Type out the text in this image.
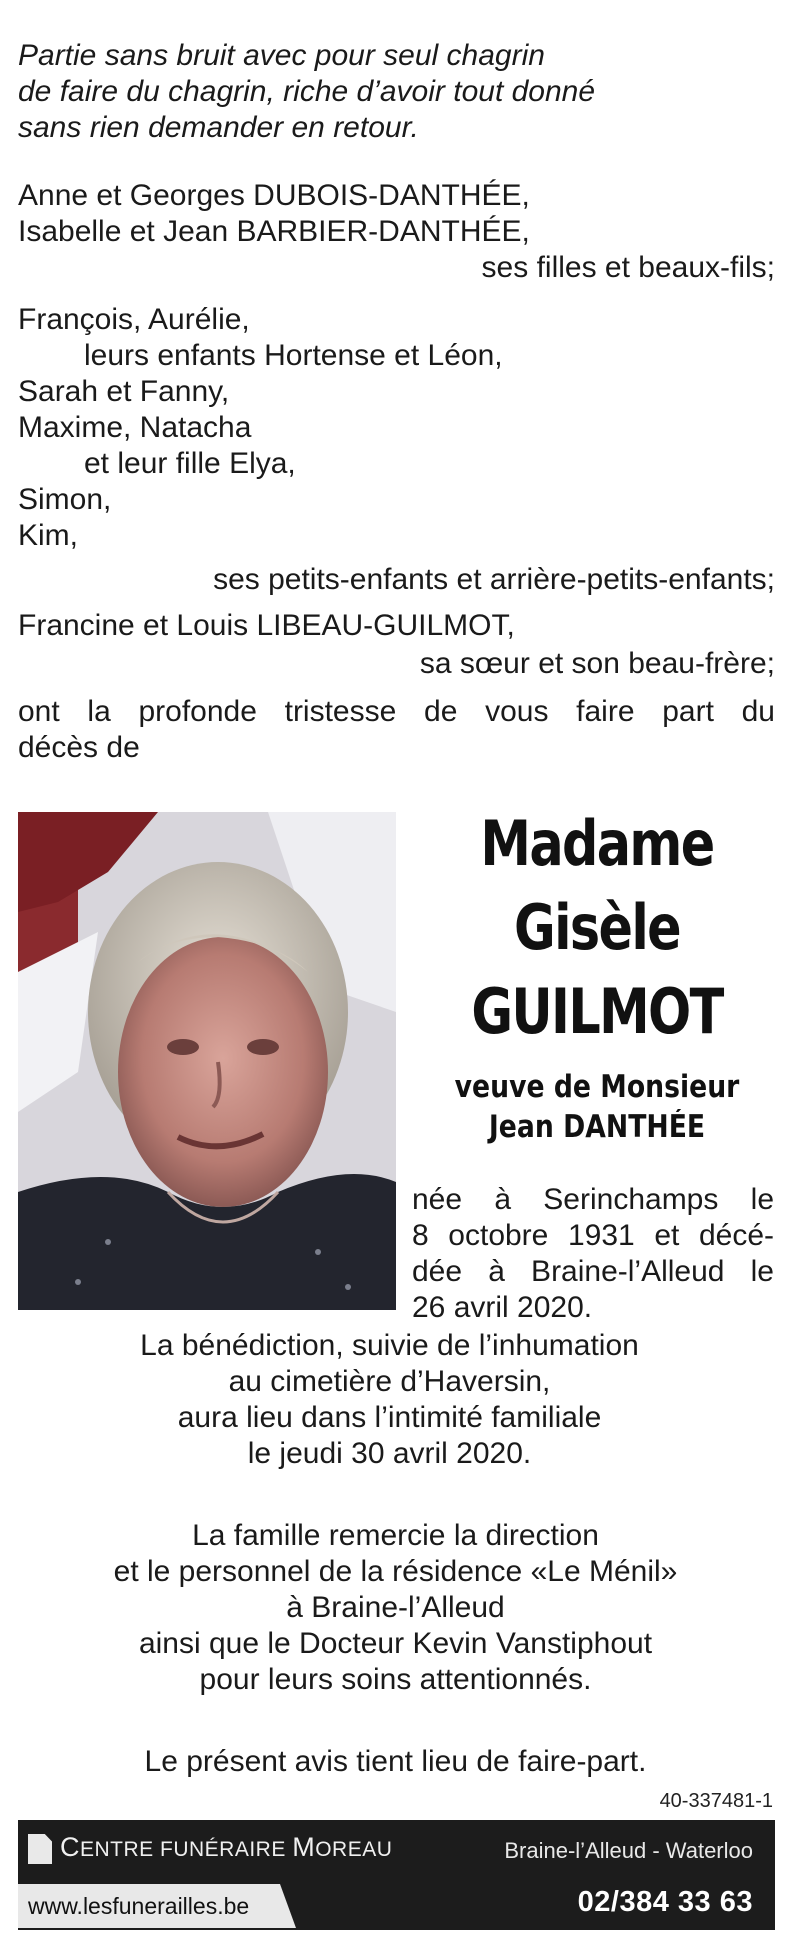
Partie sans bruit avec pour seul chagrin
de faire du chagrin, riche d’avoir tout donné
sans rien demander en retour.
Anne et Georges DUBOIS-DANTHÉE,
Isabelle et Jean BARBIER-DANTHÉE,
ses filles et beaux-fils;
François, Aurélie,
leurs enfants Hortense et Léon,
Sarah et Fanny,
Maxime, Natacha
et leur fille Elya,
Simon,
Kim,
ses petits-enfants et arrière-petits-enfants;
Francine et Louis LIBEAU-GUILMOT,
sa sœur et son beau-frère;
ont la profonde tristesse de vous faire part du
décès de
Madame
Gisèle
GUILMOT
veuve de Monsieur
Jean DANTHÉE
née à Serinchamps le
8 octobre 1931 et décé-
dée à Braine-l’Alleud le
26 avril 2020.
La bénédiction, suivie de l’inhumation
au cimetière d’Haversin,
aura lieu dans l’intimité familiale
le jeudi 30 avril 2020.
La famille remercie la direction
et le personnel de la résidence «Le Ménil»
à Braine-l’Alleud
ainsi que le Docteur Kevin Vanstiphout
pour leurs soins attentionnés.
Le présent avis tient lieu de faire-part.
40-337481-1
CENTRE FUNÉRAIRE MOREAU	Braine-l’Alleud - Waterloo
www.lesfunerailles.be	02/384 33 63
